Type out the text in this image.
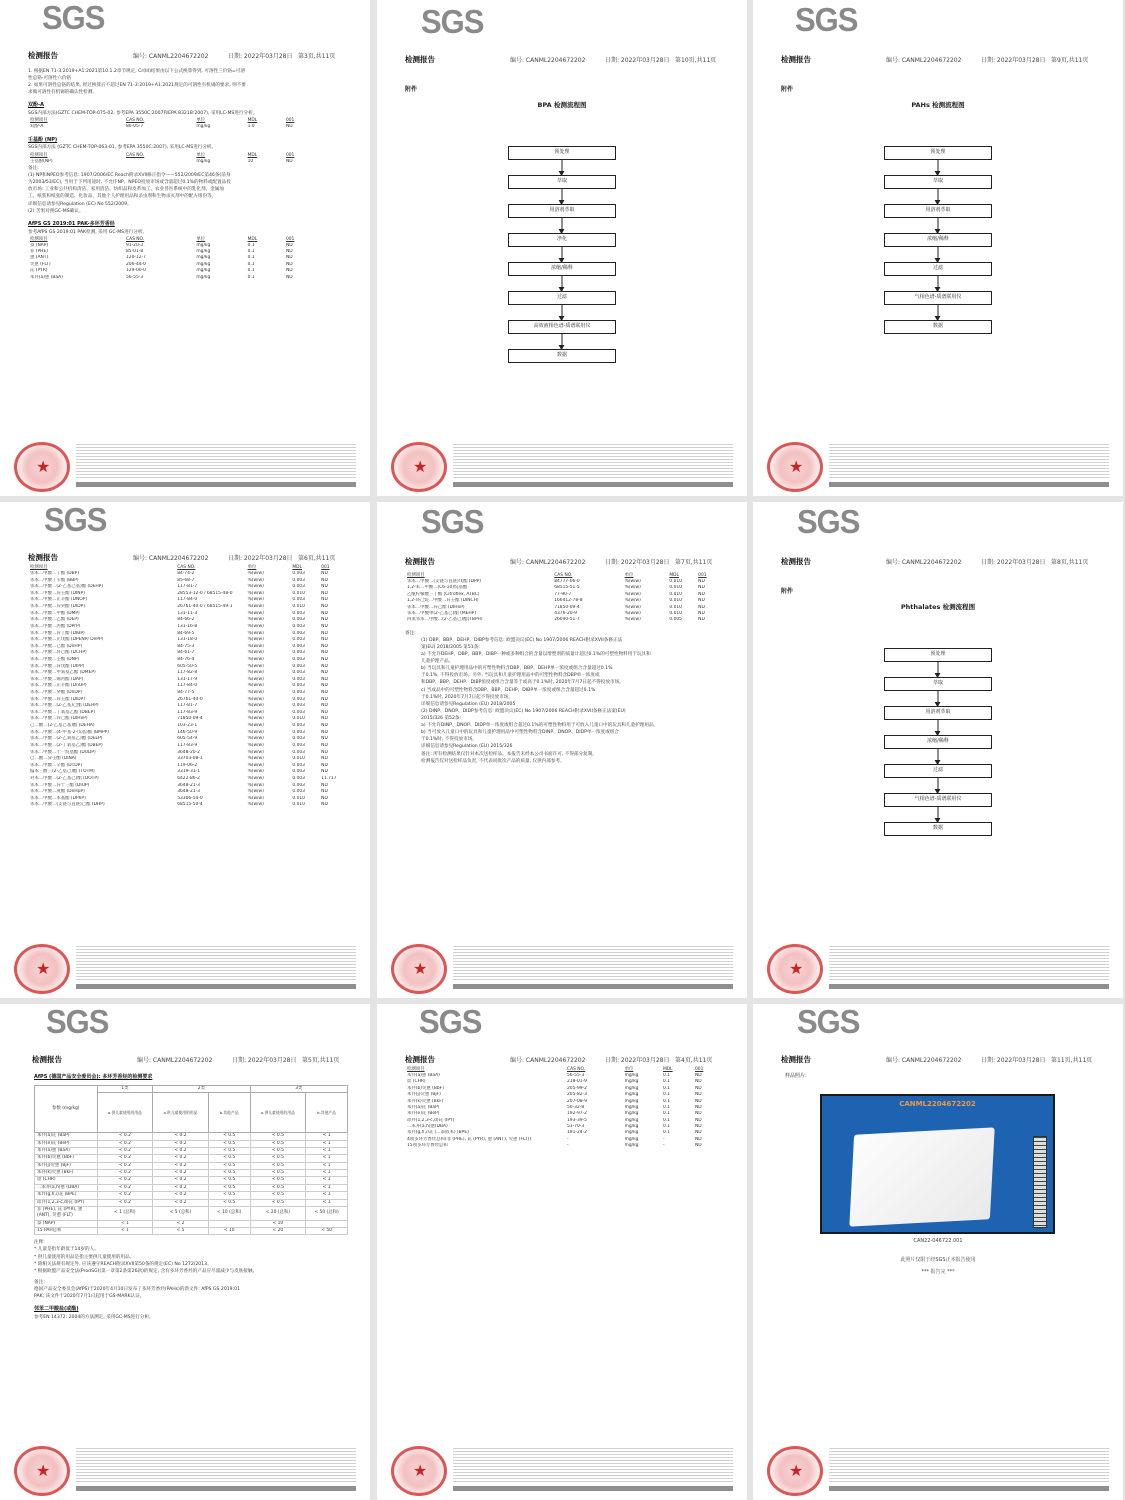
SGS
检测报告	编号: CANML2204672202	日期: 2022年03月28日 第3页,共11页
1. 根据EN 71-3:2019+A1:2021第10.1.2章节规定, Cr(III)结果由以下公式换算得到, 可溶性三价铬=可溶
性总铬-可溶性六价铬
2. 如果可溶性总铬的结果, 经过换算后不超过EN 71-3:2019+A1:2021规定的可溶性有机锡的要求, 则不要
求做可溶性有机锡的确认性检测。
双酚-A
SGS内部方法(GZTC CHEM-TOP-075-02, 参考EPA 3550C:2007和EPA 8321B:2007), 采用LC-MS进行分析。
检测项目	CAS NO.	单位	MDL	001
双酚-A	80-05-7	mg/kg	1.0	ND
壬基酚 (NP)
SGS内部方法 (GZTC CHEM-TOP-063-01, 参考EPA 3550C:2007), 采用LC-MS进行分析。
检测项目	CAS NO.	单位	MDL	001
壬基酚(NP)		mg/kg	10	ND
备注:
(1) NP和NPEO参考信息: 1907/2006/EC Reach附录XVII修正指令——552/2009/EC第46条(前身
为2003/53/EC), 当用于下列用途时, 不允许NP、NPEO投放市场或含量超过0.1%的物料或配置品投
放市场: 工业和公共机构清洁、家用清洁、纺织品和皮革加工、农业兽医系统中的乳化剂、金属加
工、纸浆和纸张的制造、化妆品、其他个人护理用品和杀虫剂和生物杀灭剂中的配方组份等。
详细信息请参见Regulation (EC) No 552/2009。
(2) 苦果对照GC-MS确认。
AfPS GS 2019:01 PAK-多环芳香烃
参考AfPS GS 2019:01 PAK检测, 采用 GC-MS进行分析。
检测项目	CAS NO.	单位	MDL	001
萘 (NAP)	91-20-3	mg/kg	0.1	ND
菲 (PHE)	85-01-8	mg/kg	0.1	ND
蒽 (ANT)	120-12-7	mg/kg	0.1	ND
荧蒽 (FLT)	206-44-0	mg/kg	0.1	ND
芘 (PYR)	129-00-0	mg/kg	0.1	ND
苯并(a)蒽 (BaA)	56-55-3	mg/kg	0.1	ND
★
SGS
检测报告	编号: CANML2204672202	日期: 2022年03月28日 第10页,共11页
附件
BPA 检测流程图
预处理
萃取
用溶剂萃取
净化
浓缩/稀释
过滤
高效液相色谱-质谱联用仪
数据
★
SGS
检测报告	编号: CANML2204672202	日期: 2022年03月28日 第9页,共11页
附件
PAHs 检测流程图
预处理
萃取
用溶剂萃取
浓缩/稀释
过滤
气相色谱-质谱联用仪
数据
★
SGS
检测报告	编号: CANML2204672202	日期: 2022年03月28日 第6页,共11页
检测项目	CAS NO.	单位	MDL	001
邻苯二甲酸二丁酯 (DBP)	84-74-2	%(w/w)	0.003	ND
邻苯二甲酸丁苄酯 (BBP)	85-68-7	%(w/w)	0.003	ND
邻苯二甲酸二(2-乙基己基)酯 (DEHP)	117-81-7	%(w/w)	0.003	ND
邻苯二甲酸二异壬酯 (DINP)	28553-12-0 / 68515-48-0	%(w/w)	0.010	ND
邻苯二甲酸二正辛酯 (DNOP)	117-84-0	%(w/w)	0.003	ND
邻苯二甲酸二异癸酯 (DIDP)	26761-40-0 / 68515-49-1	%(w/w)	0.010	ND
邻苯二甲酸二甲酯 (DMP)	131-11-3	%(w/w)	0.003	ND
邻苯二甲酸二乙酯 (DEP)	84-66-2	%(w/w)	0.003	ND
邻苯二甲酸二丙酯 (DPrP)	131-16-8	%(w/w)	0.003	ND
邻苯二甲酸二异丁酯 (DIBP)	84-69-5	%(w/w)	0.003	ND
邻苯二甲酸二正戊酯 (DPENP/ DnPP)	131-18-0	%(w/w)	0.003	ND
邻苯二甲酸二己酯 (DnHP)	84-75-3	%(w/w)	0.003	ND
邻苯二甲酸二环己酯 (DCHP)	84-61-7	%(w/w)	0.003	ND
邻苯二甲酸二壬酯 (DNP)	84-76-4	%(w/w)	0.003	ND
邻苯二甲酸二异戊酯 (DIPP)	605-50-5	%(w/w)	0.003	ND
邻苯二甲酸二甲氧基乙酯 (DMEP)	117-82-8	%(w/w)	0.003	ND
邻苯二甲酸二烯丙酯 (DAP)	131-17-9	%(w/w)	0.003	ND
邻苯二甲酸二正辛酯 (DnOP)	117-84-0	%(w/w)	0.003	ND
邻苯二甲酸二癸酯 (DnDP)	84-77-5	%(w/w)	0.003	ND
邻苯二甲酸二异壬酯 (DIDP)	26761-40-0	%(w/w)	0.003	ND
邻苯二甲酸二(2-乙基)己酯 (DEHP)	117-81-7	%(w/w)	0.003	ND
邻苯二甲酸二丁氧基乙酯 (DBEP)	117-83-9	%(w/w)	0.003	ND
邻苯二甲酸二异己酯 (DIHxP)	71850-09-4	%(w/w)	0.010	ND
己二酸二(2-乙基己基)酯 (DEHA)	103-23-1	%(w/w)	0.003	ND
邻苯二甲酸二(4-甲基-2-戊基)酯 (BMPP)	146-50-9	%(w/w)	0.003	ND
邻苯二甲酸二(2-乙氧基乙)酯 (DEEP)	605-54-9	%(w/w)	0.003	ND
邻苯二甲酸二(2-丁氧基乙)酯 (DBEP)	117-83-9	%(w/w)	0.003	ND
邻苯二甲酸二十一烷基酯 (DUDP)	3648-20-2	%(w/w)	0.003	ND
己二酸二异壬酯 (DINA)	33703-08-1	%(w/w)	0.010	ND
邻苯二甲酸二辛酯 (DTDP)	119-06-2	%(w/w)	0.003	ND
偏苯三酸三(2-乙基己)酯 (TOTM)	3319-31-1	%(w/w)	0.003	ND
对苯二甲酸二(2-乙基己)酯 (DOTP)	6422-86-2	%(w/w)	0.003	11.717
邻苯二甲酸二异十三酯 (DIUP)	3648-21-3	%(w/w)	0.003	ND
邻苯二甲酸二庚酯 (DnHpP)	3648-21-3	%(w/w)	0.003	ND
邻苯二甲酸二苯基酯 (DPhP)	53306-54-0	%(w/w)	0.010	ND
邻苯二甲酸二(支链与直链)己酯 (DHP)	68515-50-4	%(w/w)	0.010	ND
★
SGS
检测报告	编号: CANML2204672202	日期: 2022年03月28日 第7页,共11页
检测项目	CAS NO.	单位	MDL	001
邻苯二甲酸二(支链与直链)戊酯 (DPP)	84777-06-0	%(w/w)	0.010	ND
1,2-苯二甲酸二(C6-10)烷基酯	68515-51-5	%(w/w)	0.010	ND
乙酰柠檬酸三丁酯 (Citroflex, ATBC)	77-90-7	%(w/w)	0.010	ND
1,2-环己烷二甲酸二异壬酯 (DINCH)	166412-78-8	%(w/w)	0.010	ND
邻苯二甲酸二异己酯 (DIHxP)	71850-09-4	%(w/w)	0.010	ND
邻苯二甲酸单(2-乙基己)酯 (MEHP)	4376-20-9	%(w/w)	0.010	ND
四溴邻苯二甲酸二(2-乙基己)酯(TBPH)	26040-51-7	%(w/w)	0.005	ND
备注:
(1) DBP、BBP、DEHP、DIBP参考信息: 欧盟决议(EC) No 1907/2006 REACH附录XVII条修正法
案(EU) 2018/2005 第51条:
a) 不允许DEHP、DBP、BBP、DIBP一种或多种组合的含量以增塑剂的质量计超过0.1%的可塑性物料用于玩具和
儿童护理产品。
b) 当玩具和儿童护理用品中的可塑性物料含DBP、BBP、DEHP单一浓度或组合含量超过0.1%
于0.1%, 不得投放市场。另外, 当玩具和儿童护理用品中的可塑性物料含DBP单一浓度或
和DBP、BBP、DEHP、DIBP浓度或组合含量等于或高于0.1%时, 2020年7月7日起不得投放市场。
c) 当成品中的可塑性物料含DBP、BBP、DEHP、DIBP单一浓度或组合含量超过0.1%
于0.1%时, 2020年7月7日起不得投放市场。
详细信息请参见Regulation (EU) 2018/2005
(2) DINP、DNOP、DIDP参考信息: 欧盟决议(EC) No 1907/2006 REACH附录XVII条修正法案(EU)
2015/326 第52条:
a) 不允许DINP、DNOP、DIDP单一浓度或组合超过0.1%的可塑性物料用于可放入儿童口中的玩具和儿童护理用品。
b) 当可放入儿童口中的玩具和儿童护理用品中可塑性物料含DINP、DNOP、DIDP单一浓度或组合
于0.1%时, 不得投放市场。
详细信息请参见Regulation (EU) 2015/326
备注: 所有检测结果仅针对本次送检样品。本报告未经本公司书面许可, 不得部分复制。
检测报告仅对送检样品负责, 不代表同批次产品的质量, 仅供内部参考。
★
SGS
检测报告	编号: CANML2204672202	日期: 2022年03月28日 第8页,共11页
附件
Phthalates 检测流程图
预处理
萃取
用溶剂萃取
浓缩/稀释
过滤
气相色谱-质谱联用仪
数据
★
SGS
检测报告	编号: CANML2204672202	日期: 2022年03月28日 第5页,共11页
AfPS (德国产品安全委员会): 多环芳香烃的检测要求
参数 (mg/kg)	1类	2类		3类	
	a.供儿童使用的用品	a.供儿童使用的用品	b.其他产品	a.供儿童使用的用品	b.其他产品
苯并(a)芘 (BaP)	< 0.2	< 0.2	< 0.5	< 0.5	< 1
苯并(e)芘 (BeP)	< 0.2	< 0.2	< 0.5	< 0.5	< 1
苯并(a)蒽 (BaA)	< 0.2	< 0.2	< 0.5	< 0.5	< 1
苯并(b)荧蒽 (BbF)	< 0.2	< 0.2	< 0.5	< 0.5	< 1
苯并(j)荧蒽 (BjF)	< 0.2	< 0.2	< 0.5	< 0.5	< 1
苯并(k)荧蒽 (BkF)	< 0.2	< 0.2	< 0.5	< 0.5	< 1
䓛 (CHR)	< 0.2	< 0.2	< 0.5	< 0.5	< 1
二苯并(a,h)蒽 (DBA)	< 0.2	< 0.2	< 0.5	< 0.5	< 1
苯并(g,h,i)苝 (BPE)	< 0.2	< 0.2	< 0.5	< 0.5	< 1
茚并(1,2,3-c,d)芘 (IPY)	< 0.2	< 0.2	< 0.5	< 0.5	< 1
菲 (PHE), 芘 (PYR), 蒽 (ANT), 荧蒽 (FLT)	< 1 (总和)	< 5 (总和)	< 10 (总和)	< 20 (总和)	< 50 (总和)
萘 (NAP)	< 1	< 2		< 10	
15 PAH总和	< 1	< 5	< 10	< 20	< 50
注释:
* 儿童是指年龄低于14岁的人。
* 供儿童使用的用品是指主要供儿童使用的用品。
* 除相关法规有规定外, 应该遵守REACH附录XVII第50条的规定(EC) No 1272/2013。
* 根据欧盟产品安全法(ProdSG)(第一章第2条第26款)的规定, 含有多环芳香烃的产品应尽量减少与皮肤接触。
备注:
德国产品安全委员会(AfPS)于2020年4月10日发布了多环芳香烃(PAHs)的新文件: AfPS GS 2019:01
PAK; 该文件于2020年7月1日起用于GS-MARK认证。
邻苯二甲酸盐(或酯)
参考EN 14372: 2004的方法测定, 采用GC-MS进行分析。
★
SGS
检测报告	编号: CANML2204672202	日期: 2022年03月28日 第4页,共11页
检测项目	CAS NO.	单位	MDL	001
苯并(a)蒽 (BaA)	56-55-3	mg/kg	0.1	ND
䓛 (CHR)	218-01-9	mg/kg	0.1	ND
苯并(b)荧蒽 (BbF)	205-99-2	mg/kg	0.1	ND
苯并(j)荧蒽 (BjF)	205-82-3	mg/kg	0.1	ND
苯并(k)荧蒽 (BkF)	207-08-9	mg/kg	0.1	ND
苯并(a)芘 (BaP)	50-32-8	mg/kg	0.1	ND
苯并(e)芘 (BeP)	192-97-2	mg/kg	0.1	ND
茚并(1,2,3-c,d)芘 (IPY)	193-39-5	mg/kg	0.1	ND
二苯并(a,h)蒽(DBA)	53-70-3	mg/kg	0.1	ND
苯并(g,h,i)苝 (二萘嵌苯) (BPE)	191-24-2	mg/kg	0.1	ND
4项多环芳香烃总和(菲 (PHE), 芘 (PYR), 蒽 (ANT), 荧蒽 (FLT))	-	mg/kg	-	ND
15项多环芳香烃总和	-	mg/kg	-	ND
★
SGS
检测报告	编号: CANML2204672202	日期: 2022年03月28日 第11页,共11页
样品照片:
CANML2204672202
CAN22-046722.001
此照片仅限于经SGS正本报告使用
*** 报告完 ***
★
